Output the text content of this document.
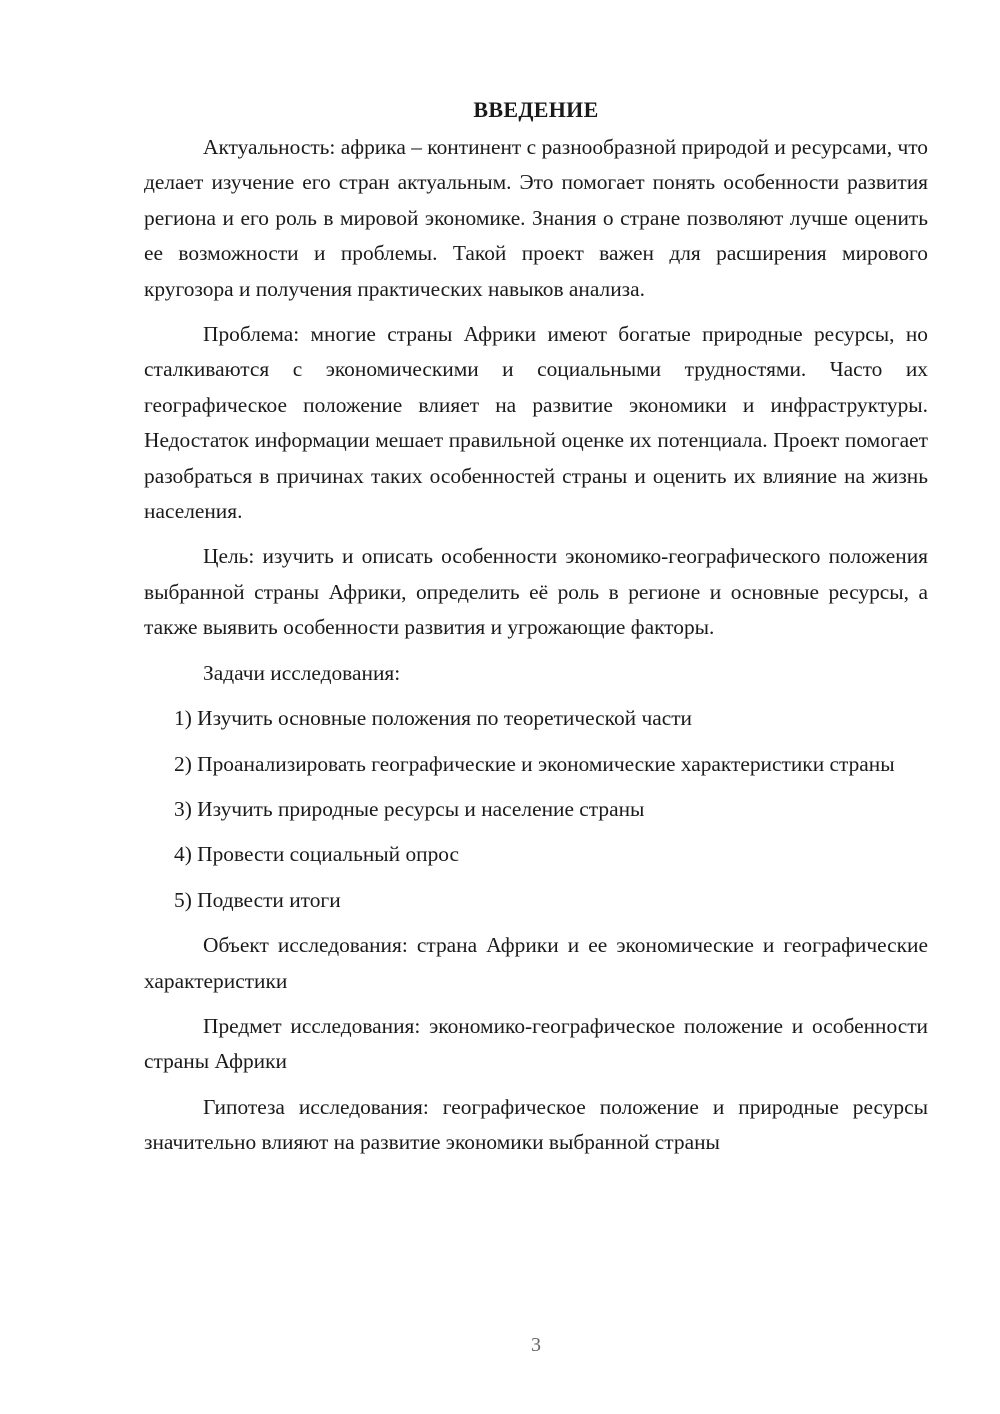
ВВЕДЕНИЕ

Актуальность: африка – континент с разнообразной природой и ресурсами, что делает изучение его стран актуальным. Это помогает понять особенности развития региона и его роль в мировой экономике. Знания о стране позволяют лучше оценить ее возможности и проблемы. Такой проект важен для расширения мирового кругозора и получения практических навыков анализа.

Проблема: многие страны Африки имеют богатые природные ресурсы, но сталкиваются с экономическими и социальными трудностями. Часто их географическое положение влияет на развитие экономики и инфраструктуры. Недостаток информации мешает правильной оценке их потенциала. Проект помогает разобраться в причинах таких особенностей страны и оценить их влияние на жизнь населения.

Цель: изучить и описать особенности экономико-географического положения выбранной страны Африки, определить её роль в регионе и основные ресурсы, а также выявить особенности развития и угрожающие факторы.

Задачи исследования:

1) Изучить основные положения по теоретической части

2) Проанализировать географические и экономические характеристики страны

3) Изучить природные ресурсы и население страны

4) Провести социальный опрос

5) Подвести итоги

Объект исследования: страна Африки и ее экономические и географические характеристики

Предмет исследования: экономико-географическое положение и особенности страны Африки

Гипотеза исследования: географическое положение и природные ресурсы значительно влияют на развитие экономики выбранной страны

3
